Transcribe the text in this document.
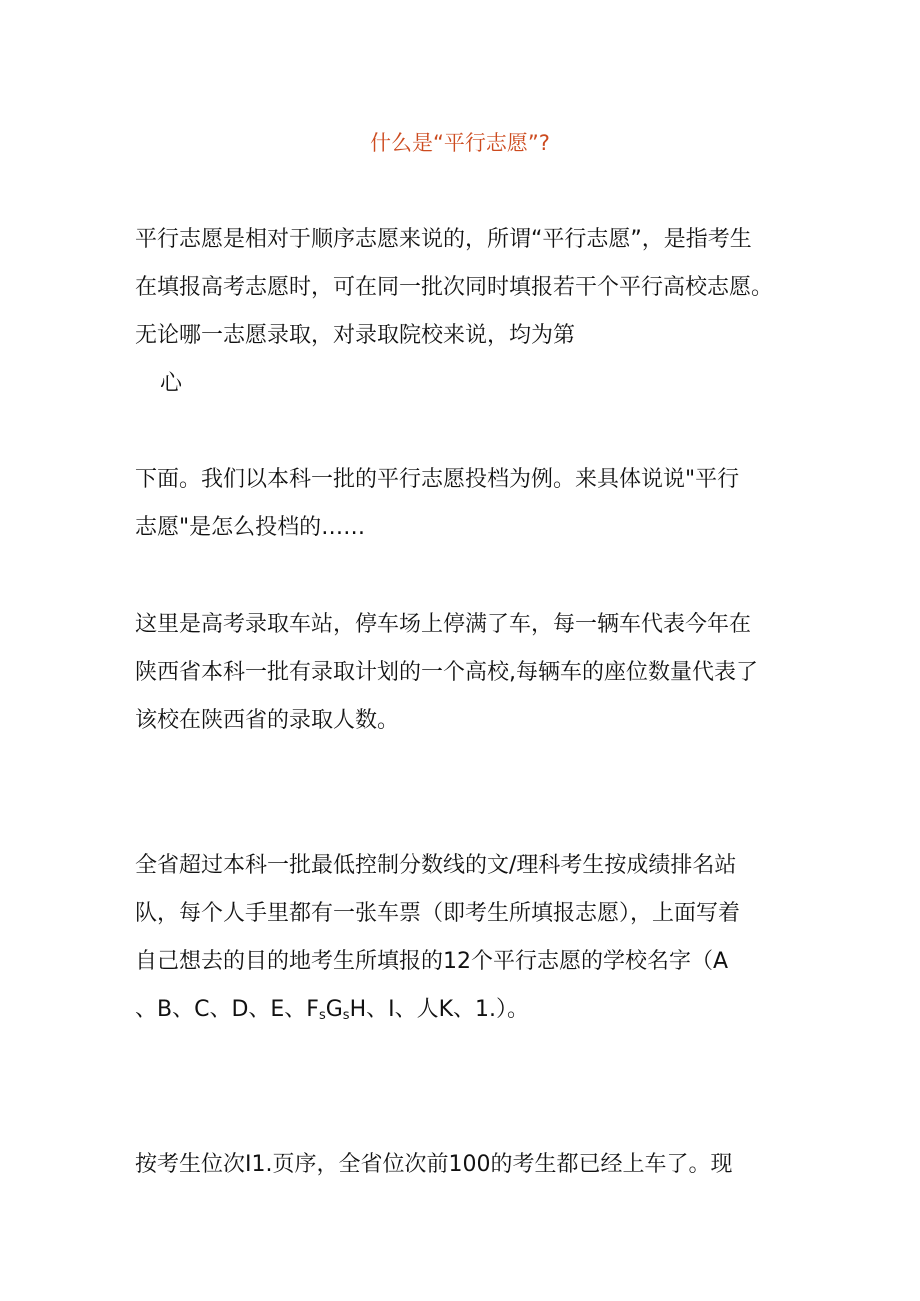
什么是“平行志愿”?
平行志愿是相对于顺序志愿来说的，所谓“平行志愿”，是指考生
在填报高考志愿时，可在同一批次同时填报若干个平行高校志愿。
无论哪一志愿录取，对录取院校来说，均为第
心
下面。我们以本科一批的平行志愿投档为例。来具体说说"平行
志愿"是怎么投档的……
这里是高考录取车站，停车场上停满了车，每一辆车代表今年在
陕西省本科一批有录取计划的一个高校,每辆车的座位数量代表了
该校在陕西省的录取人数。
全省超过本科一批最低控制分数线的文/理科考生按成绩排名站
队，每个人手里都有一张车票（即考生所填报志愿），上面写着
自己想去的目的地考生所填报的12个平行志愿的学校名字（A
、B、C、D、E、$F_sG_sH$、I、人K、1.）。
按考生位次I1.页序，全省位次前100的考生都已经上车了。现
